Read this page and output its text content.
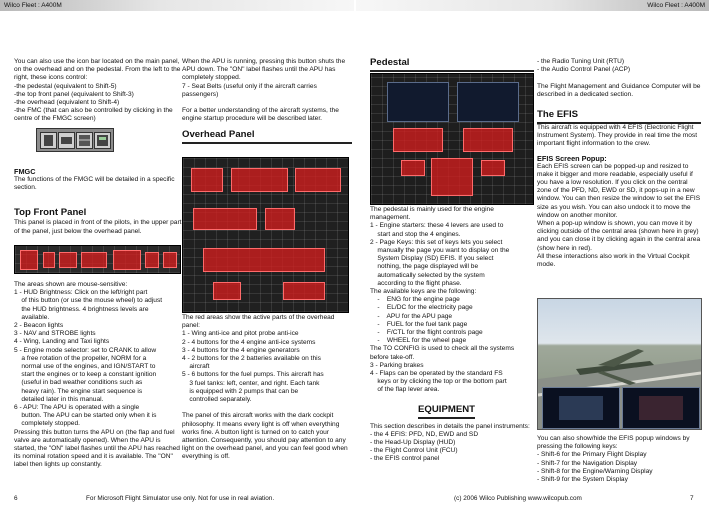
Wilco Fleet : A400M	Wilco Fleet : A400M

You can also use the icon bar located on the main panel, on the overhead and on the pedestal. From the left to the right, these icons control:
-the pedestal (equivalent to Shift-5)
-the top front panel (equivalent to Shift-3)
-the overhead (equivalent to Shift-4)
-the FMC (that can also be controlled by clicking in the centre of the FMGC screen)

FMGC

The functions of the FMGC will be detailed in a specific section.

Top Front Panel

This panel is placed in front of the pilots, in the upper part of the panel, just below the overhead panel.

The areas shown are mouse-sensitive:
1 - HUD Brightness: Click on the left/right part
of this button (or use the mouse wheel) to adjust
the HUD brightness. 4 brightness levels are
available.
2 - Beacon lights
3 - NAV and STROBE lights
4 - Wing, Landing and Taxi lights
5 - Engine mode selector: set to CRANK to allow
a free rotation of the propeller, NORM for a
normal use of the engines, and IGN/START to
start the engines or to keep a constant ignition
(useful in bad weather conditions such as
heavy rain). The engine start sequence is
detailed later in this manual.
6 - APU: The APU is operated with a single
button. The APU can be started only when it is
completely stopped.
Pressing this button turns the APU on (the flap and fuel valve are automatically opened). When the APU is started, the "ON" label flashes until the APU has reached its nominal rotation speed and it is available. The "ON" label then lights up constantly.

When the APU is running, pressing this button shuts the APU down. The "ON" label flashes until the APU has completely stopped.
7 - Seat Belts (useful only if the aircraft carries passengers)

For a better understanding of the aircraft systems, the engine startup procedure will be described later.

Overhead Panel

The red areas show the active parts of the overhead panel:
1 - Wing anti-ice and pitot probe anti-ice
2 - 4 buttons for the 4 engine anti-ice systems
3 - 4 buttons for the 4 engine generators
4 - 2 buttons for the 2 batteries available on this
aircraft
5 - 6 buttons for the fuel pumps. This aircraft has
3 fuel tanks: left, center, and right. Each tank
is equipped with 2 pumps that can be
controlled separately.

The panel of this aircraft works with the dark cockpit philosophy. It means every light is off when everything works fine. A button light is turned on to catch your attention. Consequently, you should pay attention to any light on the overhead panel, and you can feel good when everything is off.

Pedestal

The pedestal is mainly used for the engine management.
1 - Engine starters: these 4 levers are used to
start and stop the 4 engines.
2 - Page Keys: this set of keys lets you select
manually the page you want to display on the
System Display (SD) EFIS. If you select
nothing, the page displayed will be
automatically selected by the system
according to the flight phase.
The available keys are the following:
-    ENG for the engine page
-    EL/DC for the electricity page
-    APU for the APU page
-    FUEL for the fuel tank page
-    F/CTL for the flight controls page
-    WHEEL for the wheel page
The TO CONFIG is used to check all the systems before take-off.
3 - Parking brakes
4 - Flaps can be operated by the standard FS
keys or by clicking the top or the bottom part
of the flap lever area.

EQUIPMENT

This section describes in details the panel instruments:
- the 4 EFIS: PFD, ND, EWD and SD
- the Head-Up Display (HUD)
- the Flight Control Unit (FCU)
- the EFIS control panel

- the Radio Tuning Unit (RTU)
- the Audio Control Panel (ACP)

The Flight Management and Guidance Computer will be described in a dedicated section.

The EFIS

This aircraft is equipped with 4 EFIS (Electronic Flight Instrument System). They provide in real time the most important flight information to the crew.

EFIS Screen Popup:

Each EFIS screen can be popped-up and resized to make it bigger and more readable, especially useful if you have a low resolution. If you click on the central zone of the PFD, ND, EWD or SD, it pops-up in a new window. You can then resize the window to set the EFIS size as you wish. You can also undock it to move the window on another monitor.
When a pop-up window is shown, you can move it by clicking outside of the central area (shown here in grey) and you can close it by clicking again in the central area (show here in red).
All these interactions also work in the Virtual Cockpit mode.

You can also show/hide the EFIS popup windows by pressing the following keys:
- Shift-6 for the Primary Flight Display
- Shift-7 for the Navigation Display
- Shift-8 for the Engine/Warning Display
- Shift-9 for the System Display

6	For Microsoft Flight Simulator use only. Not for use in real aviation.	(c) 2006 Wilco Publishing www.wilcopub.com	7
